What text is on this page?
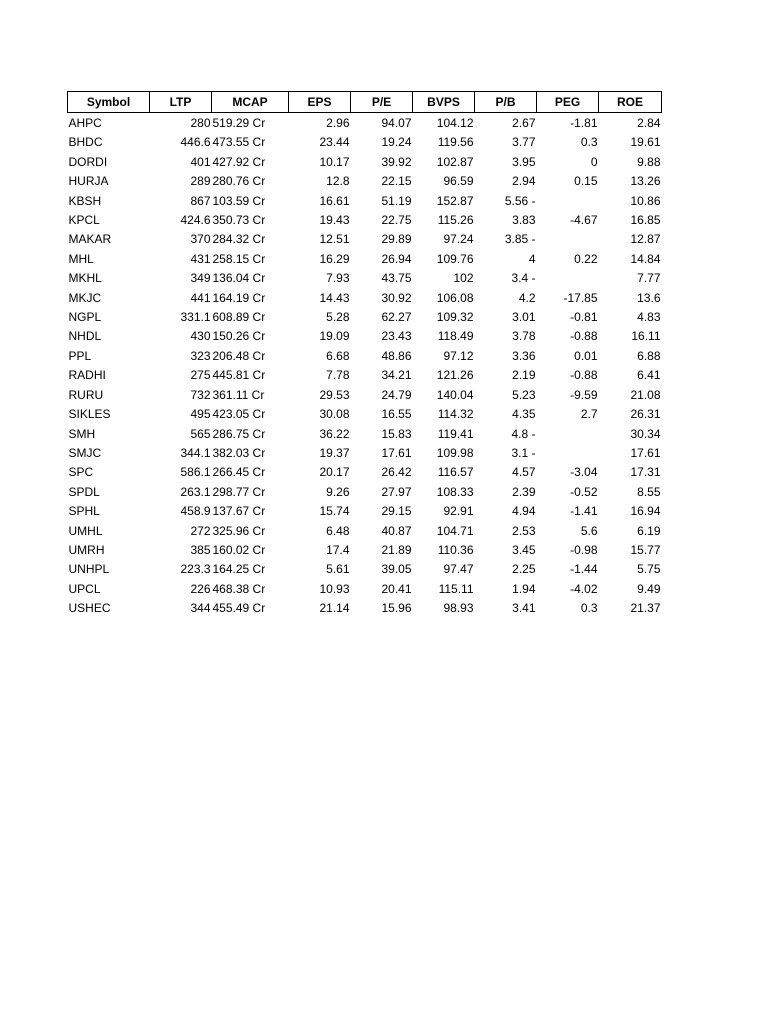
Symbol	LTP	MCAP	EPS	P/E	BVPS	P/B	PEG	ROE
AHPC	280	519.29 Cr	2.96	94.07	104.12	2.67	-1.81	2.84
BHDC	446.6	473.55 Cr	23.44	19.24	119.56	3.77	0.3	19.61
DORDI	401	427.92 Cr	10.17	39.92	102.87	3.95	0	9.88
HURJA	289	280.76 Cr	12.8	22.15	96.59	2.94	0.15	13.26
KBSH	867	103.59 Cr	16.61	51.19	152.87	5.56 -		10.86
KPCL	424.6	350.73 Cr	19.43	22.75	115.26	3.83	-4.67	16.85
MAKAR	370	284.32 Cr	12.51	29.89	97.24	3.85 -		12.87
MHL	431	258.15 Cr	16.29	26.94	109.76	4	0.22	14.84
MKHL	349	136.04 Cr	7.93	43.75	102	3.4 -		7.77
MKJC	441	164.19 Cr	14.43	30.92	106.08	4.2	-17.85	13.6
NGPL	331.1	608.89 Cr	5.28	62.27	109.32	3.01	-0.81	4.83
NHDL	430	150.26 Cr	19.09	23.43	118.49	3.78	-0.88	16.11
PPL	323	206.48 Cr	6.68	48.86	97.12	3.36	0.01	6.88
RADHI	275	445.81 Cr	7.78	34.21	121.26	2.19	-0.88	6.41
RURU	732	361.11 Cr	29.53	24.79	140.04	5.23	-9.59	21.08
SIKLES	495	423.05 Cr	30.08	16.55	114.32	4.35	2.7	26.31
SMH	565	286.75 Cr	36.22	15.83	119.41	4.8 -		30.34
SMJC	344.1	382.03 Cr	19.37	17.61	109.98	3.1 -		17.61
SPC	586.1	266.45 Cr	20.17	26.42	116.57	4.57	-3.04	17.31
SPDL	263.1	298.77 Cr	9.26	27.97	108.33	2.39	-0.52	8.55
SPHL	458.9	137.67 Cr	15.74	29.15	92.91	4.94	-1.41	16.94
UMHL	272	325.96 Cr	6.48	40.87	104.71	2.53	5.6	6.19
UMRH	385	160.02 Cr	17.4	21.89	110.36	3.45	-0.98	15.77
UNHPL	223.3	164.25 Cr	5.61	39.05	97.47	2.25	-1.44	5.75
UPCL	226	468.38 Cr	10.93	20.41	115.11	1.94	-4.02	9.49
USHEC	344	455.49 Cr	21.14	15.96	98.93	3.41	0.3	21.37
